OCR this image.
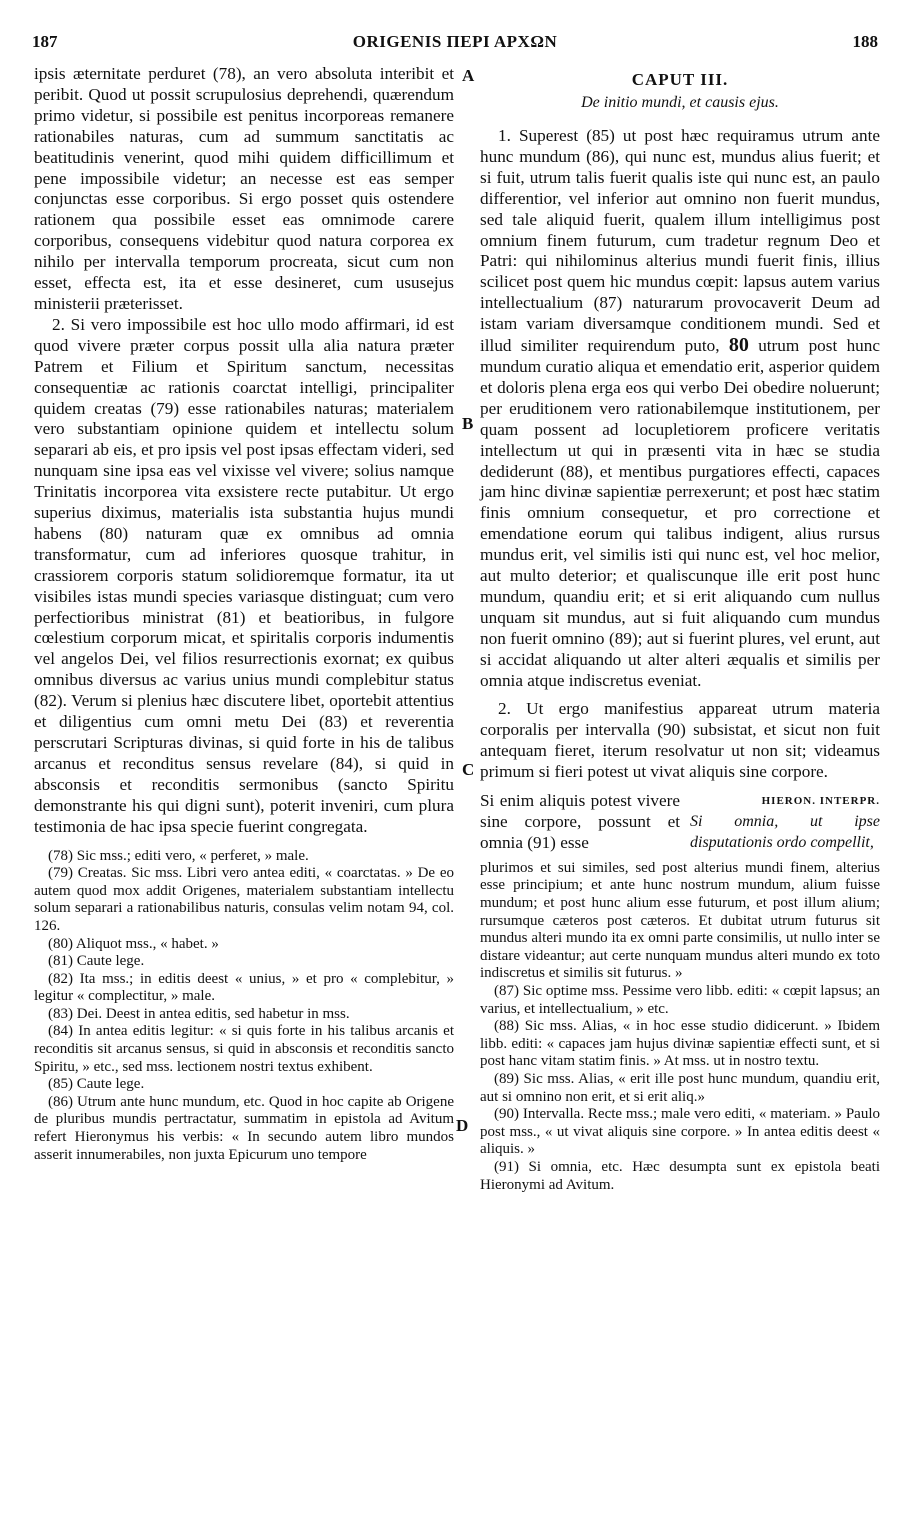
187	ORIGENIS ΠΕΡΙ ΑΡΧΩΝ	188
A
B
C
D

ipsis æternitate perduret (78), an vero absoluta interibit et peribit. Quod ut possit scrupulosius deprehendi, quærendum primo videtur, si possibile est penitus incorporeas remanere rationabiles naturas, cum ad summum sanctitatis ac beatitudinis venerint, quod mihi quidem difficillimum et pene impossibile videtur; an necesse est eas semper conjunctas esse corporibus. Si ergo posset quis ostendere rationem qua possibile esset eas omnimode carere corporibus, consequens videbitur quod natura corporea ex nihilo per intervalla temporum procreata, sicut cum non esset, effecta est, ita et esse desineret, cum ususejus ministerii præterisset.

2. Si vero impossibile est hoc ullo modo affirmari, id est quod vivere præter corpus possit ulla alia natura præter Patrem et Filium et Spiritum sanctum, necessitas consequentiæ ac rationis coarctat intelligi, principaliter quidem creatas (79) esse rationabiles naturas; materialem vero substantiam opinione quidem et intellectu solum separari ab eis, et pro ipsis vel post ipsas effectam videri, sed nunquam sine ipsa eas vel vixisse vel vivere; solius namque Trinitatis incorporea vita exsistere recte putabitur. Ut ergo superius diximus, materialis ista substantia hujus mundi habens (80) naturam quæ ex omnibus ad omnia transformatur, cum ad inferiores quosque trahitur, in crassiorem corporis statum solidioremque formatur, ita ut visibiles istas mundi species variasque distinguat; cum vero perfectioribus ministrat (81) et beatioribus, in fulgore cœlestium corporum micat, et spiritalis corporis indumentis vel angelos Dei, vel filios resurrectionis exornat; ex quibus omnibus diversus ac varius unius mundi complebitur status (82). Verum si plenius hæc discutere libet, oportebit attentius et diligentius cum omni metu Dei (83) et reverentia perscrutari Scripturas divinas, si quid forte in his de talibus arcanus et reconditus sensus revelare (84), si quid in absconsis et reconditis sermonibus (sancto Spiritu demonstrante his qui digni sunt), poterit inveniri, cum plura testimonia de hac ipsa specie fuerint congregata.

(78) Sic mss.; editi vero, « perferet, » male.

(79) Creatas. Sic mss. Libri vero antea editi, « coarctatas. » De eo autem quod mox addit Origenes, materialem substantiam intellectu solum separari a rationabilibus naturis, consulas velim notam 94, col. 126.

(80) Aliquot mss., « habet. »

(81) Caute lege.

(82) Ita mss.; in editis deest « unius, » et pro « complebitur, » legitur « complectitur, » male.

(83) Dei. Deest in antea editis, sed habetur in mss.

(84) In antea editis legitur: « si quis forte in his talibus arcanis et reconditis sit arcanus sensus, si quid in absconsis et reconditis sancto Spiritu, » etc., sed mss. lectionem nostri textus exhibent.

(85) Caute lege.

(86) Utrum ante hunc mundum, etc. Quod in hoc capite ab Origene de pluribus mundis pertractatur, summatim in epistola ad Avitum refert Hieronymus his verbis: « In secundo autem libro mundos asserit innumerabiles, non juxta Epicurum uno tempore

CAPUT III.
De initio mundi, et causis ejus.

1. Superest (85) ut post hæc requiramus utrum ante hunc mundum (86), qui nunc est, mundus alius fuerit; et si fuit, utrum talis fuerit qualis iste qui nunc est, an paulo differentior, vel inferior aut omnino non fuerit mundus, sed tale aliquid fuerit, qualem illum intelligimus post omnium finem futurum, cum tradetur regnum Deo et Patri: qui nihilominus alterius mundi fuerit finis, illius scilicet post quem hic mundus cœpit: lapsus autem varius intellectualium (87) naturarum provocaverit Deum ad istam variam diversamque conditionem mundi. Sed et illud similiter requirendum puto, 80 utrum post hunc mundum curatio aliqua et emendatio erit, asperior quidem et doloris plena erga eos qui verbo Dei obedire noluerunt; per eruditionem vero rationabilemque institutionem, per quam possent ad locupletiorem proficere veritatis intellectum ut qui in præsenti vita in hæc se studia dediderunt (88), et mentibus purgatiores effecti, capaces jam hinc divinæ sapientiæ perrexerunt; et post hæc statim finis omnium consequetur, et pro correctione et emendatione eorum qui talibus indigent, alius rursus mundus erit, vel similis isti qui nunc est, vel hoc melior, aut multo deterior; et qualiscunque ille erit post hunc mundum, quandiu erit; et si erit aliquando cum nullus unquam sit mundus, aut si fuit aliquando cum mundus non fuerit omnino (89); aut si fuerint plures, vel erunt, aut si accidat aliquando ut alter alteri æqualis et similis per omnia atque indiscretus eveniat.

2. Ut ergo manifestius appareat utrum materia corporalis per intervalla (90) subsistat, et sicut non fuit antequam fieret, iterum resolvatur ut non sit; videamus primum si fieri potest ut vivat aliquis sine corpore.

Si enim aliquis potest vivere sine corpore, possunt et omnia (91) esse
HIERON. INTERPR.
Si omnia, ut ipse disputationis ordo compellit,

plurimos et sui similes, sed post alterius mundi finem, alterius esse principium; et ante hunc nostrum mundum, alium fuisse mundum; et post hunc alium esse futurum, et post illum alium; rursumque cæteros post cæteros. Et dubitat utrum futurus sit mundus alteri mundo ita ex omni parte consimilis, ut nullo inter se distare videantur; aut certe nunquam mundus alteri mundo ex toto indiscretus et similis sit futurus. »

(87) Sic optime mss. Pessime vero libb. editi: « cœpit lapsus; an varius, et intellectualium, » etc.

(88) Sic mss. Alias, « in hoc esse studio didicerunt. » Ibidem libb. editi: « capaces jam hujus divinæ sapientiæ effecti sunt, et si post hanc vitam statim finis. » At mss. ut in nostro textu.

(89) Sic mss. Alias, « erit ille post hunc mundum, quandiu erit, aut si omnino non erit, et si erit aliq.»

(90) Intervalla. Recte mss.; male vero editi, « materiam. » Paulo post mss., « ut vivat aliquis sine corpore. » In antea editis deest « aliquis. »

(91) Si omnia, etc. Hæc desumpta sunt ex epistola beati Hieronymi ad Avitum.
